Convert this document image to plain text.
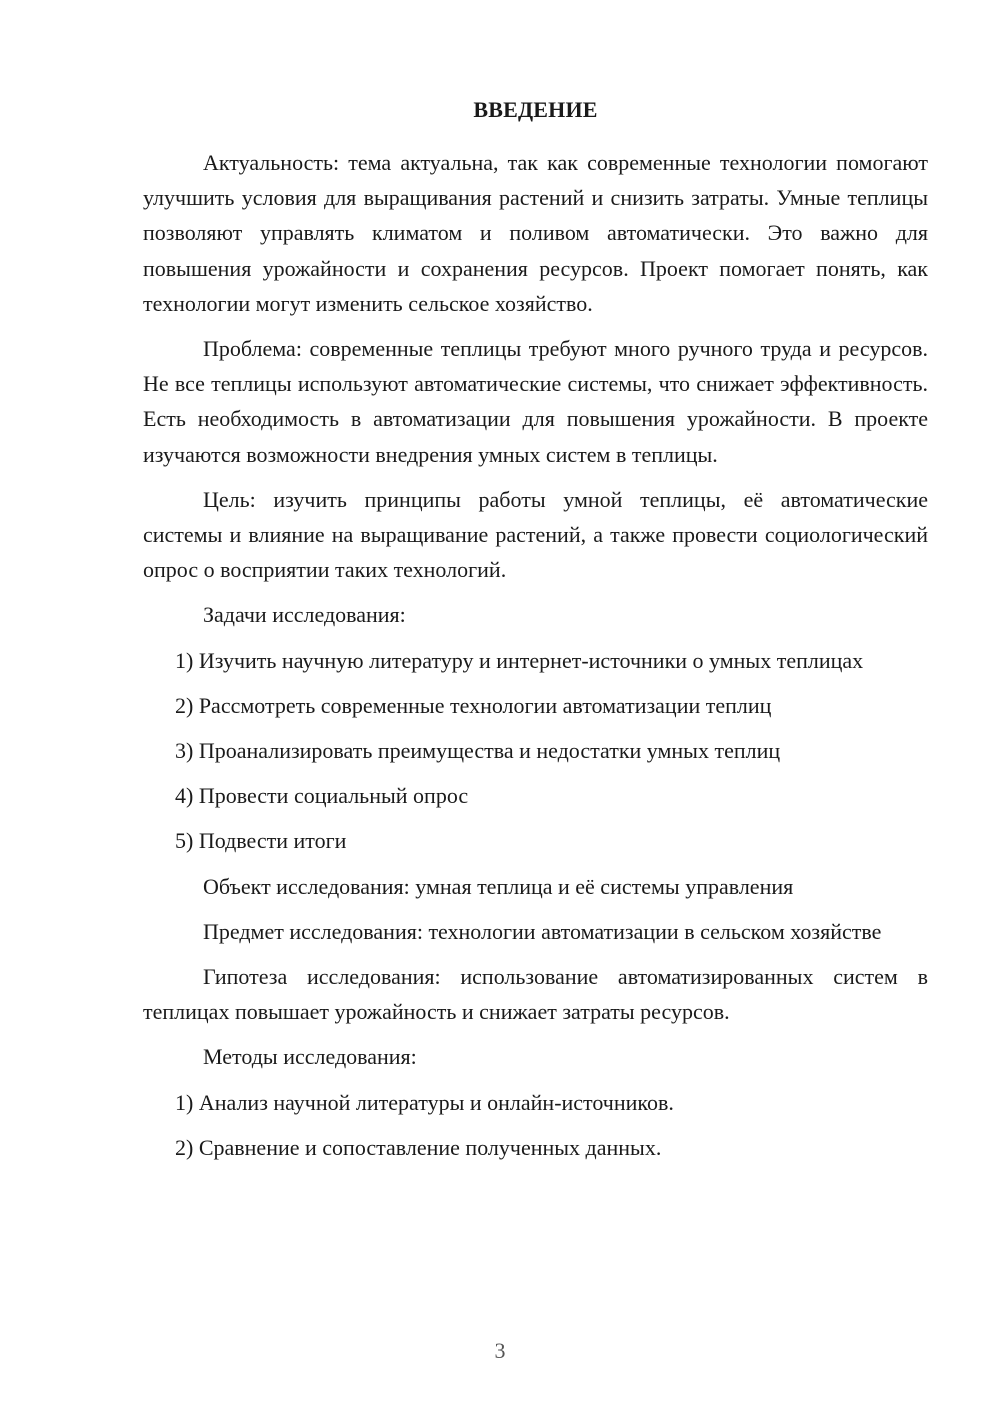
ВВЕДЕНИЕ

Актуальность: тема актуальна, так как современные технологии помогают улучшить условия для выращивания растений и снизить затраты. Умные теплицы позволяют управлять климатом и поливом автоматически. Это важно для повышения урожайности и сохранения ресурсов. Проект помогает понять, как технологии могут изменить сельское хозяйство.

Проблема: современные теплицы требуют много ручного труда и ресурсов. Не все теплицы используют автоматические системы, что снижает эффективность. Есть необходимость в автоматизации для повышения урожайности. В проекте изучаются возможности внедрения умных систем в теплицы.

Цель: изучить принципы работы умной теплицы, её автоматические системы и влияние на выращивание растений, а также провести социологический опрос о восприятии таких технологий.

Задачи исследования:

1) Изучить научную литературу и интернет-источники о умных теплицах

2) Рассмотреть современные технологии автоматизации теплиц

3) Проанализировать преимущества и недостатки умных теплиц

4) Провести социальный опрос

5) Подвести итоги

Объект исследования: умная теплица и её системы управления

Предмет исследования: технологии автоматизации в сельском хозяйстве

Гипотеза исследования: использование автоматизированных систем в теплицах повышает урожайность и снижает затраты ресурсов.

Методы исследования:

1) Анализ научной литературы и онлайн-источников.

2) Сравнение и сопоставление полученных данных.

3
